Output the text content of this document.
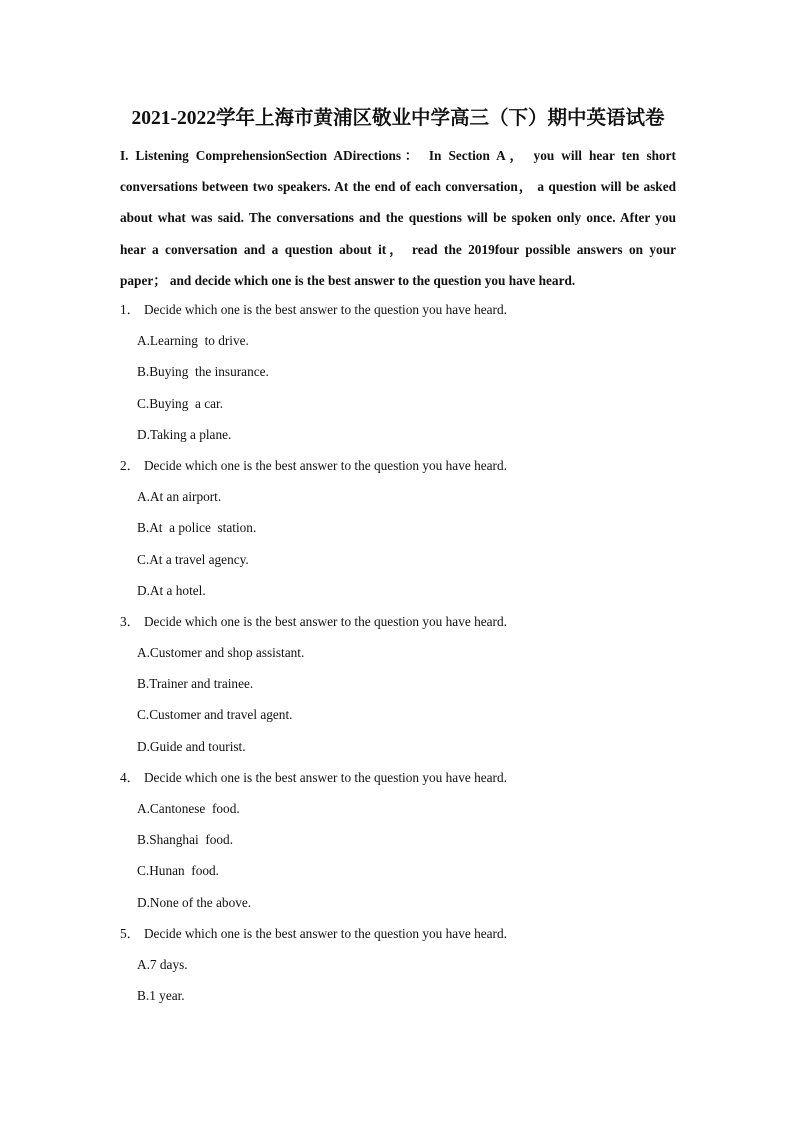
2021-2022学年上海市黄浦区敬业中学高三（下）期中英语试卷
I. Listening ComprehensionSection ADirections： In Section A， you will hear ten short conversations between two speakers. At the end of each conversation， a question will be asked about what was said. The conversations and the questions will be spoken only once. After you hear a conversation and a question about it， read the 2019four possible answers on your paper； and decide which one is the best answer to the question you have heard.
1． Decide which one is the best answer to the question you have heard.
A.Learning  to drive.
B.Buying  the insurance.
C.Buying  a car.
D.Taking a plane.
2． Decide which one is the best answer to the question you have heard.
A.At an airport.
B.At  a police  station.
C.At a travel agency.
D.At a hotel.
3． Decide which one is the best answer to the question you have heard.
A.Customer and shop assistant.
B.Trainer and trainee.
C.Customer and travel agent.
D.Guide and tourist.
4． Decide which one is the best answer to the question you have heard.
A.Cantonese  food.
B.Shanghai  food.
C.Hunan  food.
D.None of the above.
5． Decide which one is the best answer to the question you have heard.
A.7 days.
B.1 year.
